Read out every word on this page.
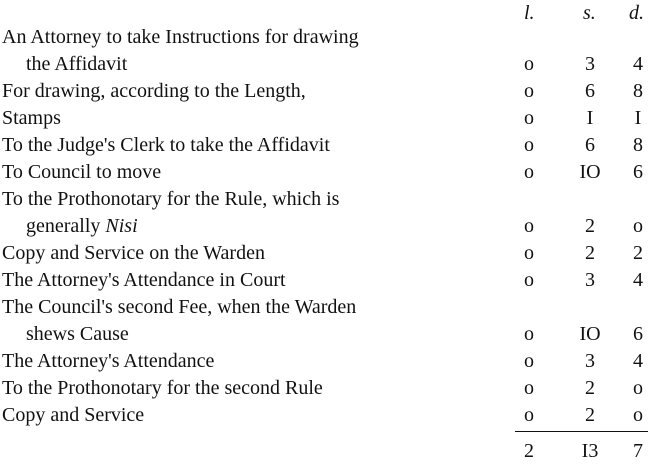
l. s. d.
An Attorney to take Instructions for drawing
the Affidavit	o	3	4
For drawing, according to the Length,	o	6	8
Stamps	o	I	I
To the Judge's Clerk to take the Affidavit	o	6	8
To Council to move	o	IO	6
To the Prothonotary for the Rule, which is
generally Nisi	o	2	o
Copy and Service on the Warden	o	2	2
The Attorney's Attendance in Court	o	3	4
The Council's second Fee, when the Warden
shews Cause	o	IO	6
The Attorney's Attendance	o	3	4
To the Prothonotary for the second Rule	o	2	o
Copy and Service	o	2	o
2	I3	7
